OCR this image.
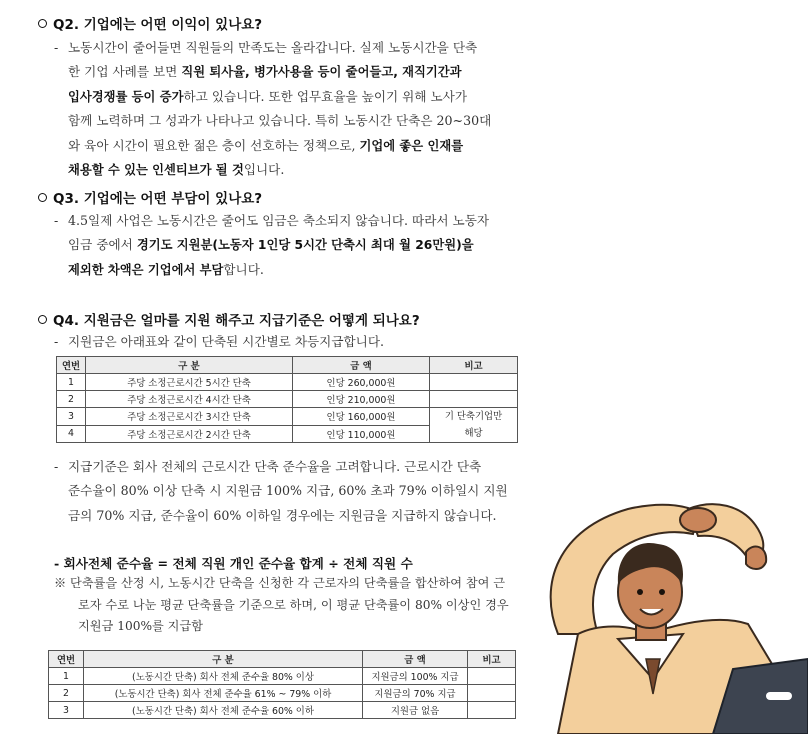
Q2. 기업에는 어떤 이익이 있나요?
- 노동시간이 줄어들면 직원들의 만족도는 올라갑니다. 실제 노동시간을 단축
한 기업 사례를 보면 직원 퇴사율, 병가사용율 등이 줄어들고, 재직기간과
입사경쟁률 등이 증가하고 있습니다. 또한 업무효율을 높이기 위해 노사가
함께 노력하며 그 성과가 나타나고 있습니다. 특히 노동시간 단축은 20~30대
와 육아 시간이 필요한 젊은 층이 선호하는 정책으로, 기업에 좋은 인재를
채용할 수 있는 인센티브가 될 것입니다.
Q3. 기업에는 어떤 부담이 있나요?
- 4.5일제 사업은 노동시간은 줄어도 임금은 축소되지 않습니다. 따라서 노동자
임금 중에서 경기도 지원분(노동자 1인당 5시간 단축시 최대 월 26만원)을
제외한 차액은 기업에서 부담합니다.
Q4. 지원금은 얼마를 지원 해주고 지급기준은 어떻게 되나요?
- 지원금은 아래표와 같이 단축된 시간별로 차등지급합니다.
연번	구 분	금 액	비고
1	주당 소정근로시간 5시간 단축	인당 260,000원	
2	주당 소정근로시간 4시간 단축	인당 210,000원	
3	주당 소정근로시간 3시간 단축	인당 160,000원	기 단축기업만
해당

4	주당 소정근로시간 2시간 단축	인당 110,000원	
- 지급기준은 회사 전체의 근로시간 단축 준수율을 고려합니다. 근로시간 단축
준수율이 80% 이상 단축 시 지원금 100% 지급, 60% 초과 79% 이하일시 지원
금의 70% 지급, 준수율이 60% 이하일 경우에는 지원금을 지급하지 않습니다.
- 회사전체 준수율 = 전체 직원 개인 준수율 합계 ÷ 전체 직원 수
※ 단축률을 산정 시, 노동시간 단축을 신청한 각 근로자의 단축률을 합산하여 참여 근
로자 수로 나눈 평균 단축률을 기준으로 하며, 이 평균 단축률이 80% 이상인 경우
지원금 100%를 지급함
연번	구 분	금 액	비고
1	(노동시간 단축) 회사 전체 준수율 80% 이상	지원금의 100% 지급	
2	(노동시간 단축) 회사 전체 준수율 61% ~ 79% 이하	지원금의 70% 지급	
3	(노동시간 단축) 회사 전체 준수율 60% 이하	지원금 없음	
